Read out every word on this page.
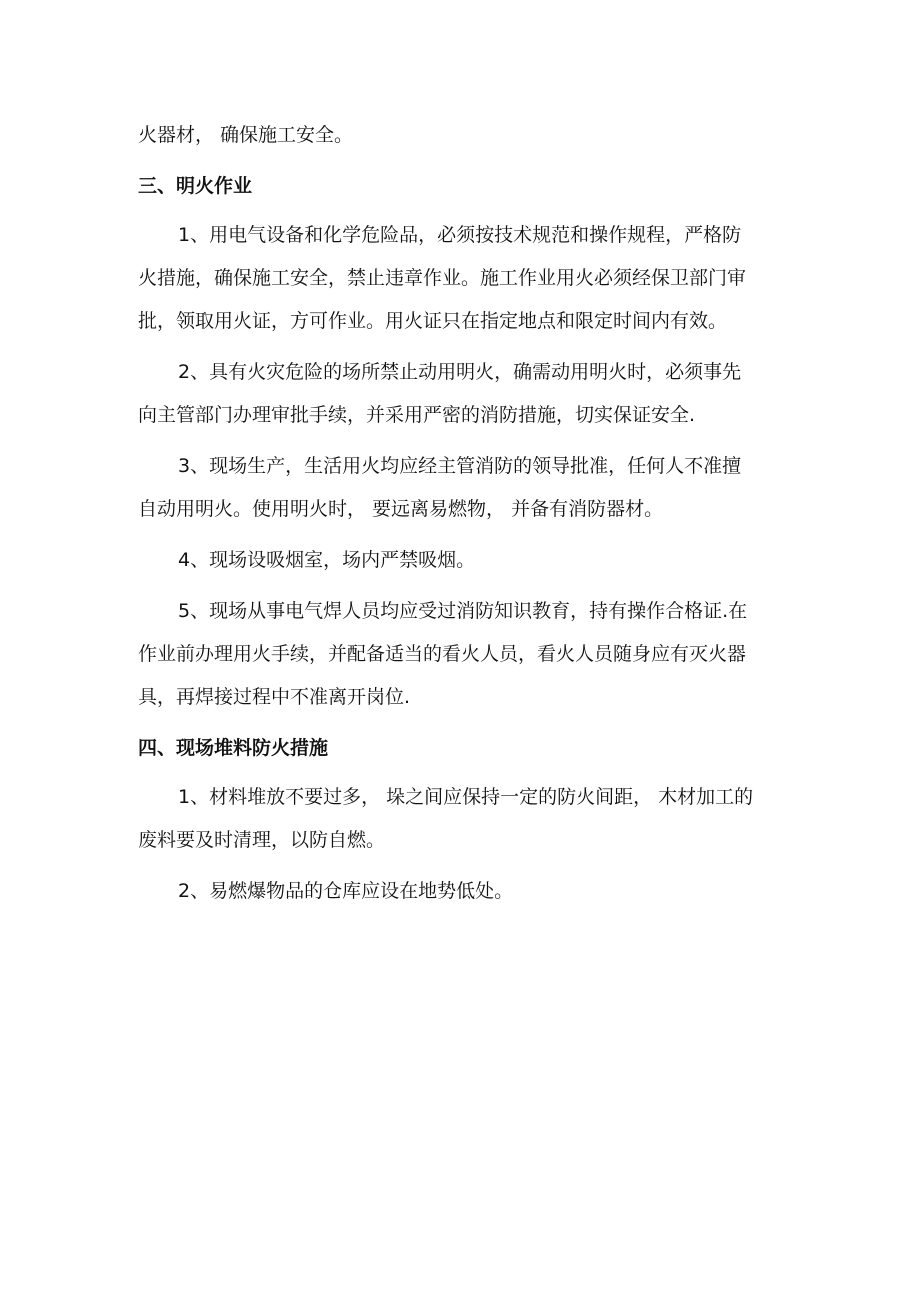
火器材， 确保施工安全。

三、明火作业

1、用电气设备和化学危险品，必须按技术规范和操作规程，严格防
火措施，确保施工安全，禁止违章作业。施工作业用火必须经保卫部门审
批，领取用火证，方可作业。用火证只在指定地点和限定时间内有效。

2、具有火灾危险的场所禁止动用明火，确需动用明火时，必须事先
向主管部门办理审批手续，并采用严密的消防措施，切实保证安全.

3、现场生产，生活用火均应经主管消防的领导批准，任何人不准擅
自动用明火。使用明火时， 要远离易燃物， 并备有消防器材。

4、现场设吸烟室，场内严禁吸烟。

5、现场从事电气焊人员均应受过消防知识教育，持有操作合格证.在
作业前办理用火手续，并配备适当的看火人员，看火人员随身应有灭火器
具，再焊接过程中不准离开岗位.

四、现场堆料防火措施

1、材料堆放不要过多， 垛之间应保持一定的防火间距， 木材加工的
废料要及时清理，以防自燃。

2、易燃爆物品的仓库应设在地势低处。
